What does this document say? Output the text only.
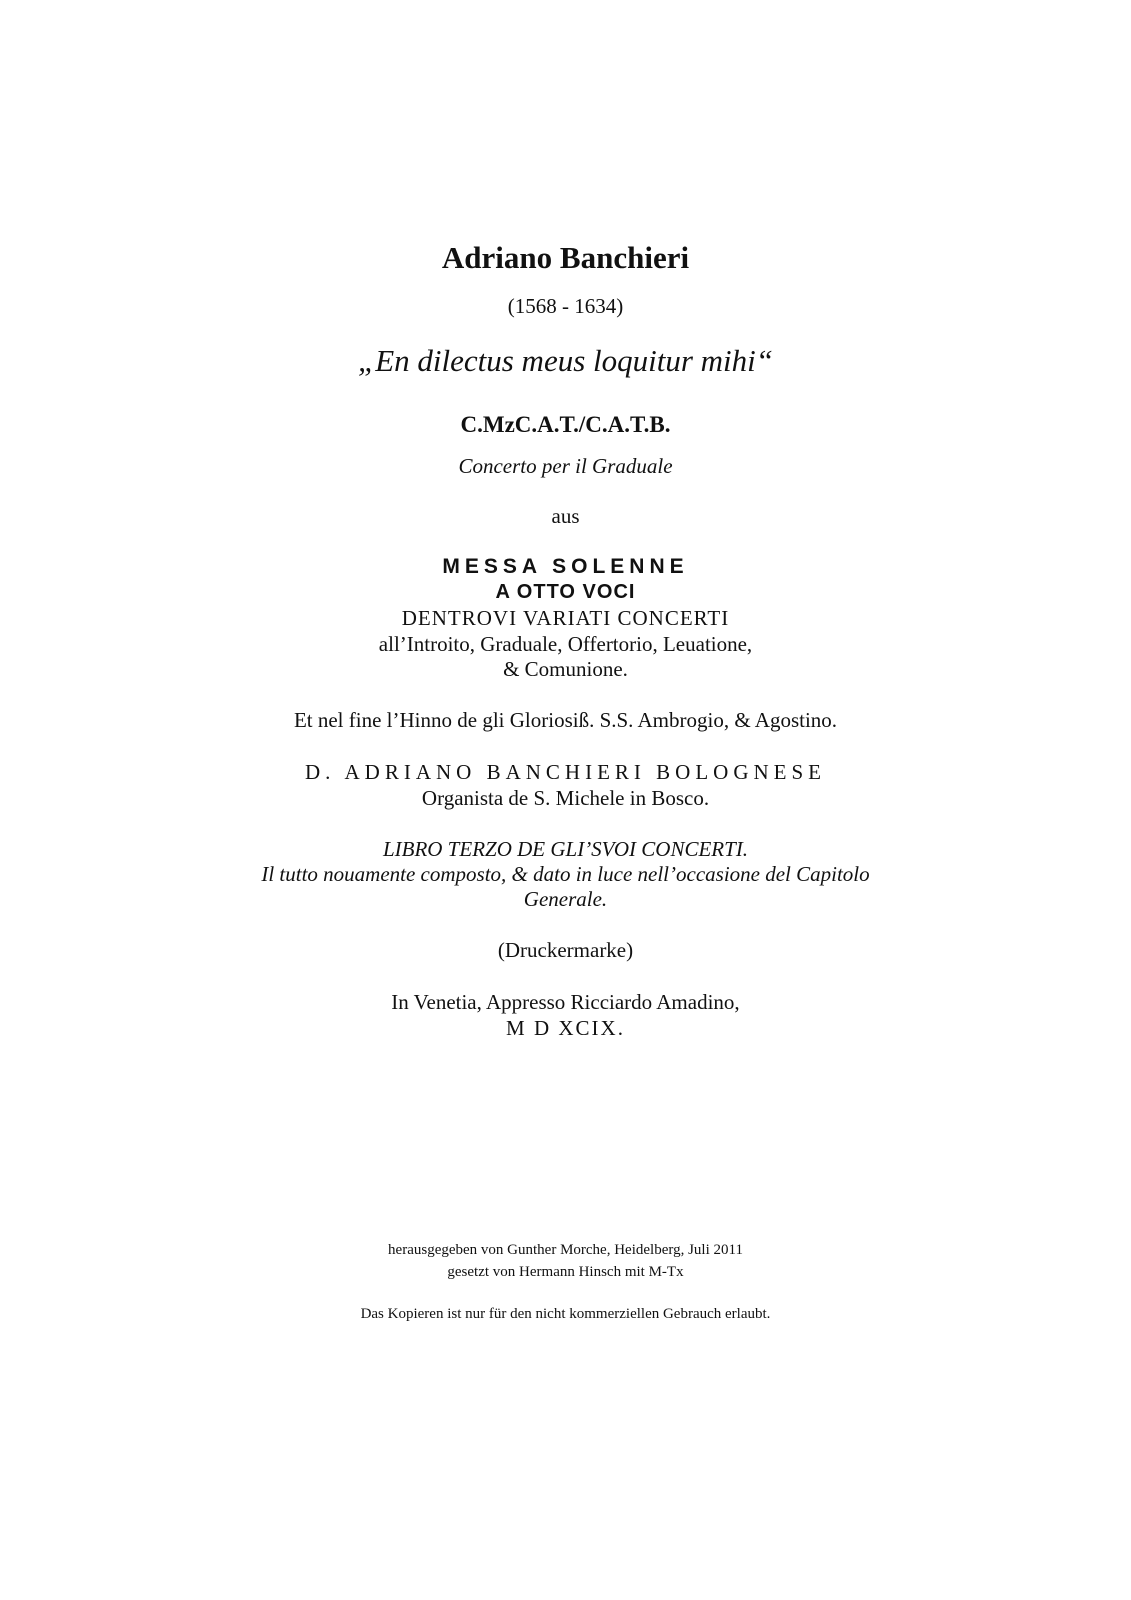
Adriano Banchieri
(1568 - 1634)
„En dilectus meus loquitur mihi“
C.MzC.A.T./C.A.T.B.
Concerto per il Graduale
aus
MESSA SOLENNE
A OTTO VOCI
DENTROVI VARIATI CONCERTI
all’Introito, Graduale, Offertorio, Leuatione,
& Comunione.
Et nel fine l’Hinno de gli Gloriosiß. S.S. Ambrogio, & Agostino.
D. ADRIANO BANCHIERI BOLOGNESE
Organista de S. Michele in Bosco.
LIBRO TERZO DE GLI’SVOI CONCERTI.
Il tutto nouamente composto, & dato in luce nell’occasione del Capitolo
Generale.
(Druckermarke)
In Venetia, Appresso Ricciardo Amadino,
M D XCIX.
herausgegeben von Gunther Morche, Heidelberg, Juli 2011
gesetzt von Hermann Hinsch mit M-Tx
Das Kopieren ist nur für den nicht kommerziellen Gebrauch erlaubt.
